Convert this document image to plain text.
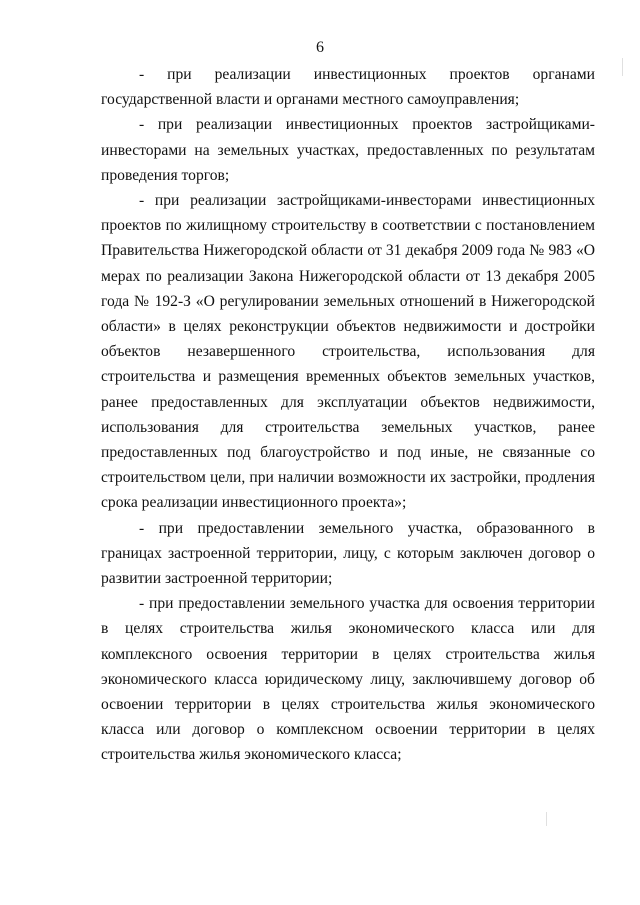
6

- при реализации инвестиционных проектов органами государственной власти и органами местного самоуправления;

- при реализации инвестиционных проектов застройщиками-инвесторами на земельных участках, предоставленных по результатам проведения торгов;

- при реализации застройщиками-инвесторами инвестиционных проектов по жилищному строительству в соответствии с постановлением Правительства Нижегородской области от 31 декабря 2009 года № 983 «О мерах по реализации Закона Нижегородской области от 13 декабря 2005 года № 192-З «О регулировании земельных отношений в Нижегородской области» в целях реконструкции объектов недвижимости и достройки объектов незавершенного строительства, использования для строительства и размещения временных объектов земельных участков, ранее предоставленных для эксплуатации объектов недвижимости, использования для строительства земельных участков, ранее предоставленных под благоустройство и под иные, не связанные со строительством цели, при наличии возможности их застройки, продления срока реализации инвестиционного проекта»;

- при предоставлении земельного участка, образованного в границах застроенной территории, лицу, с которым заключен договор о развитии застроенной территории;

- при предоставлении земельного участка для освоения территории в целях строительства жилья экономического класса или для комплексного освоения территории в целях строительства жилья экономического класса юридическому лицу, заключившему договор об освоении территории в целях строительства жилья экономического класса или договор о комплексном освоении территории в целях строительства жилья экономического класса;
